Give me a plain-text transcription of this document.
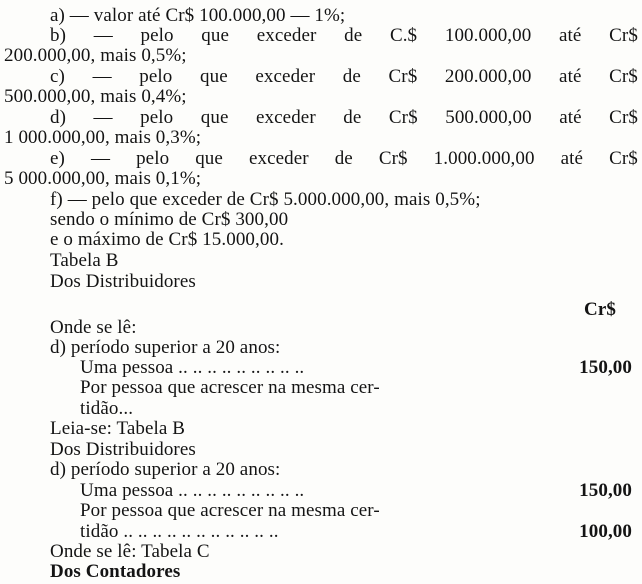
a) — valor até Cr$ 100.000,00 — 1%;
b) — pelo que exceder de C.$ 100.000,00 até Cr$
200.000,00, mais 0,5%;
c) — pelo que exceder de Cr$ 200.000,00 até Cr$
500.000,00, mais 0,4%;
d) — pelo que exceder de Cr$ 500.000,00 até Cr$
1 000.000,00, mais 0,3%;
e) — pelo que exceder de Cr$ 1.000.000,00 até Cr$
5 000.000,00, mais 0,1%;
f) — pelo que exceder de Cr$ 5.000.000,00, mais 0,5%;
sendo o mínimo de Cr$ 300,00
e o máximo de Cr$ 15.000,00.
Tabela B
Dos Distribuidores
Cr$
Onde se lê:
d) período superior a 20 anos:
Uma pessoa .. .. .. .. .. .. .. .. ..	150,00
Por pessoa que acrescer na mesma cer-
tidão...
Leia-se: Tabela B
Dos Distribuidores
d) período superior a 20 anos:
Uma pessoa .. .. .. .. .. .. .. .. ..	150,00
Por pessoa que acrescer na mesma cer-
tidão .. .. .. .. .. .. .. .. .. .. ..	100,00
Onde se lê: Tabela C
Dos Contadores
